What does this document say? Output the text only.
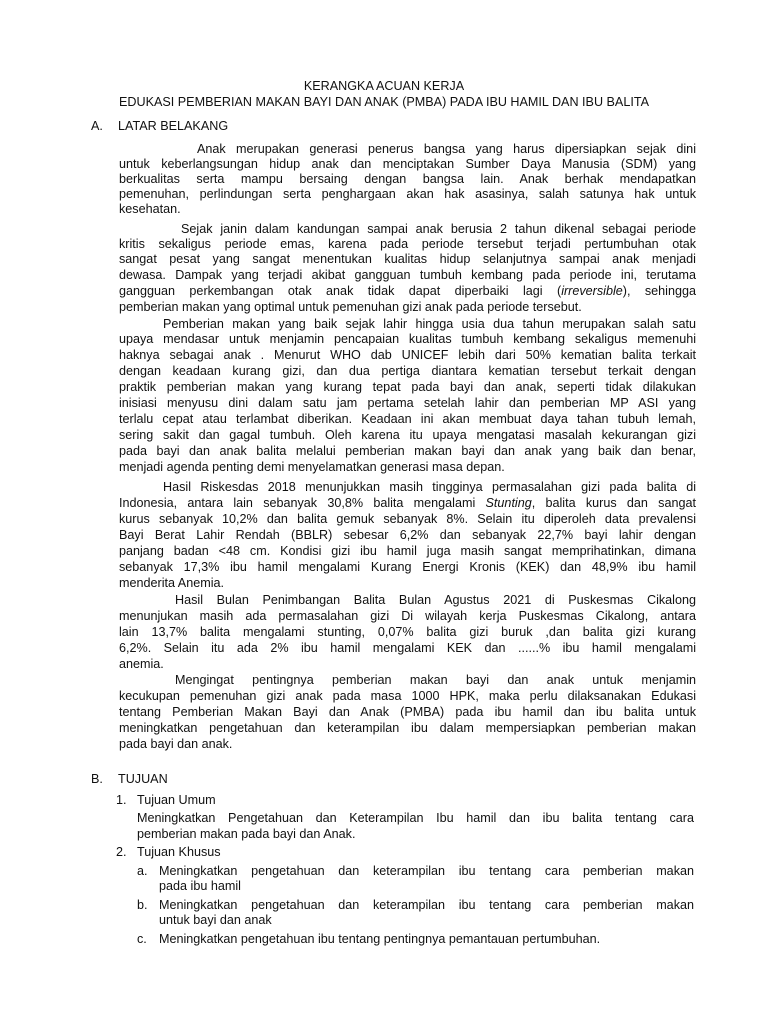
KERANGKA ACUAN KERJA

EDUKASI PEMBERIAN MAKAN BAYI DAN ANAK (PMBA) PADA IBU HAMIL DAN IBU BALITA

A. LATAR BELAKANG

Anak merupakan generasi penerus bangsa yang harus dipersiapkan sejak dini

untuk keberlangsungan hidup anak dan menciptakan Sumber Daya Manusia (SDM) yang

berkualitas serta mampu bersaing dengan bangsa lain. Anak berhak mendapatkan

pemenuhan, perlindungan serta penghargaan akan hak asasinya, salah satunya hak untuk

kesehatan.

Sejak janin dalam kandungan sampai anak berusia 2 tahun dikenal sebagai periode

kritis sekaligus periode emas, karena pada periode tersebut terjadi pertumbuhan otak

sangat pesat yang sangat menentukan kualitas hidup selanjutnya sampai anak menjadi

dewasa. Dampak yang terjadi akibat gangguan tumbuh kembang pada periode ini, terutama

gangguan perkembangan otak anak tidak dapat diperbaiki lagi (irreversible), sehingga

pemberian makan yang optimal untuk pemenuhan gizi anak pada periode tersebut.

Pemberian makan yang baik sejak lahir hingga usia dua tahun merupakan salah satu

upaya mendasar untuk menjamin pencapaian kualitas tumbuh kembang sekaligus memenuhi

haknya sebagai anak . Menurut WHO dab UNICEF lebih dari 50% kematian balita terkait

dengan keadaan kurang gizi, dan dua pertiga diantara kematian tersebut terkait dengan

praktik pemberian makan yang kurang tepat pada bayi dan anak, seperti tidak dilakukan

inisiasi menyusu dini dalam satu jam pertama setelah lahir dan pemberian MP ASI yang

terlalu cepat atau terlambat diberikan. Keadaan ini akan membuat daya tahan tubuh lemah,

sering sakit dan gagal tumbuh. Oleh karena itu upaya mengatasi masalah kekurangan gizi

pada bayi dan anak balita melalui pemberian makan bayi dan anak yang baik dan benar,

menjadi agenda penting demi menyelamatkan generasi masa depan.

Hasil Riskesdas 2018 menunjukkan masih tingginya permasalahan gizi pada balita di

Indonesia, antara lain sebanyak 30,8% balita mengalami Stunting, balita kurus dan sangat

kurus sebanyak 10,2% dan balita gemuk sebanyak 8%. Selain itu diperoleh data prevalensi

Bayi Berat Lahir Rendah (BBLR) sebesar 6,2% dan sebanyak 22,7% bayi lahir dengan

panjang badan <48 cm. Kondisi gizi ibu hamil juga masih sangat memprihatinkan, dimana

sebanyak 17,3% ibu hamil mengalami Kurang Energi Kronis (KEK) dan 48,9% ibu hamil

menderita Anemia.

Hasil Bulan Penimbangan Balita Bulan Agustus 2021 di Puskesmas Cikalong

menunjukan masih ada permasalahan gizi Di wilayah kerja Puskesmas Cikalong, antara

lain 13,7% balita mengalami stunting, 0,07% balita gizi buruk ,dan balita gizi kurang

6,2%. Selain itu ada 2% ibu hamil mengalami KEK dan ......% ibu hamil mengalami

anemia.

Mengingat pentingnya pemberian makan bayi dan anak untuk menjamin

kecukupan pemenuhan gizi anak pada masa 1000 HPK, maka perlu dilaksanakan Edukasi

tentang Pemberian Makan Bayi dan Anak (PMBA) pada ibu hamil dan ibu balita untuk

meningkatkan pengetahuan dan keterampilan ibu dalam mempersiapkan pemberian makan

pada bayi dan anak.

B. TUJUAN

1. Tujuan Umum

Meningkatkan Pengetahuan dan Keterampilan Ibu hamil dan ibu balita tentang cara

pemberian makan pada bayi dan Anak.

2. Tujuan Khusus

a. Meningkatkan pengetahuan dan keterampilan ibu tentang cara pemberian makan

pada ibu hamil

b. Meningkatkan pengetahuan dan keterampilan ibu tentang cara pemberian makan

untuk bayi dan anak

c. Meningkatkan pengetahuan ibu tentang pentingnya pemantauan pertumbuhan.
